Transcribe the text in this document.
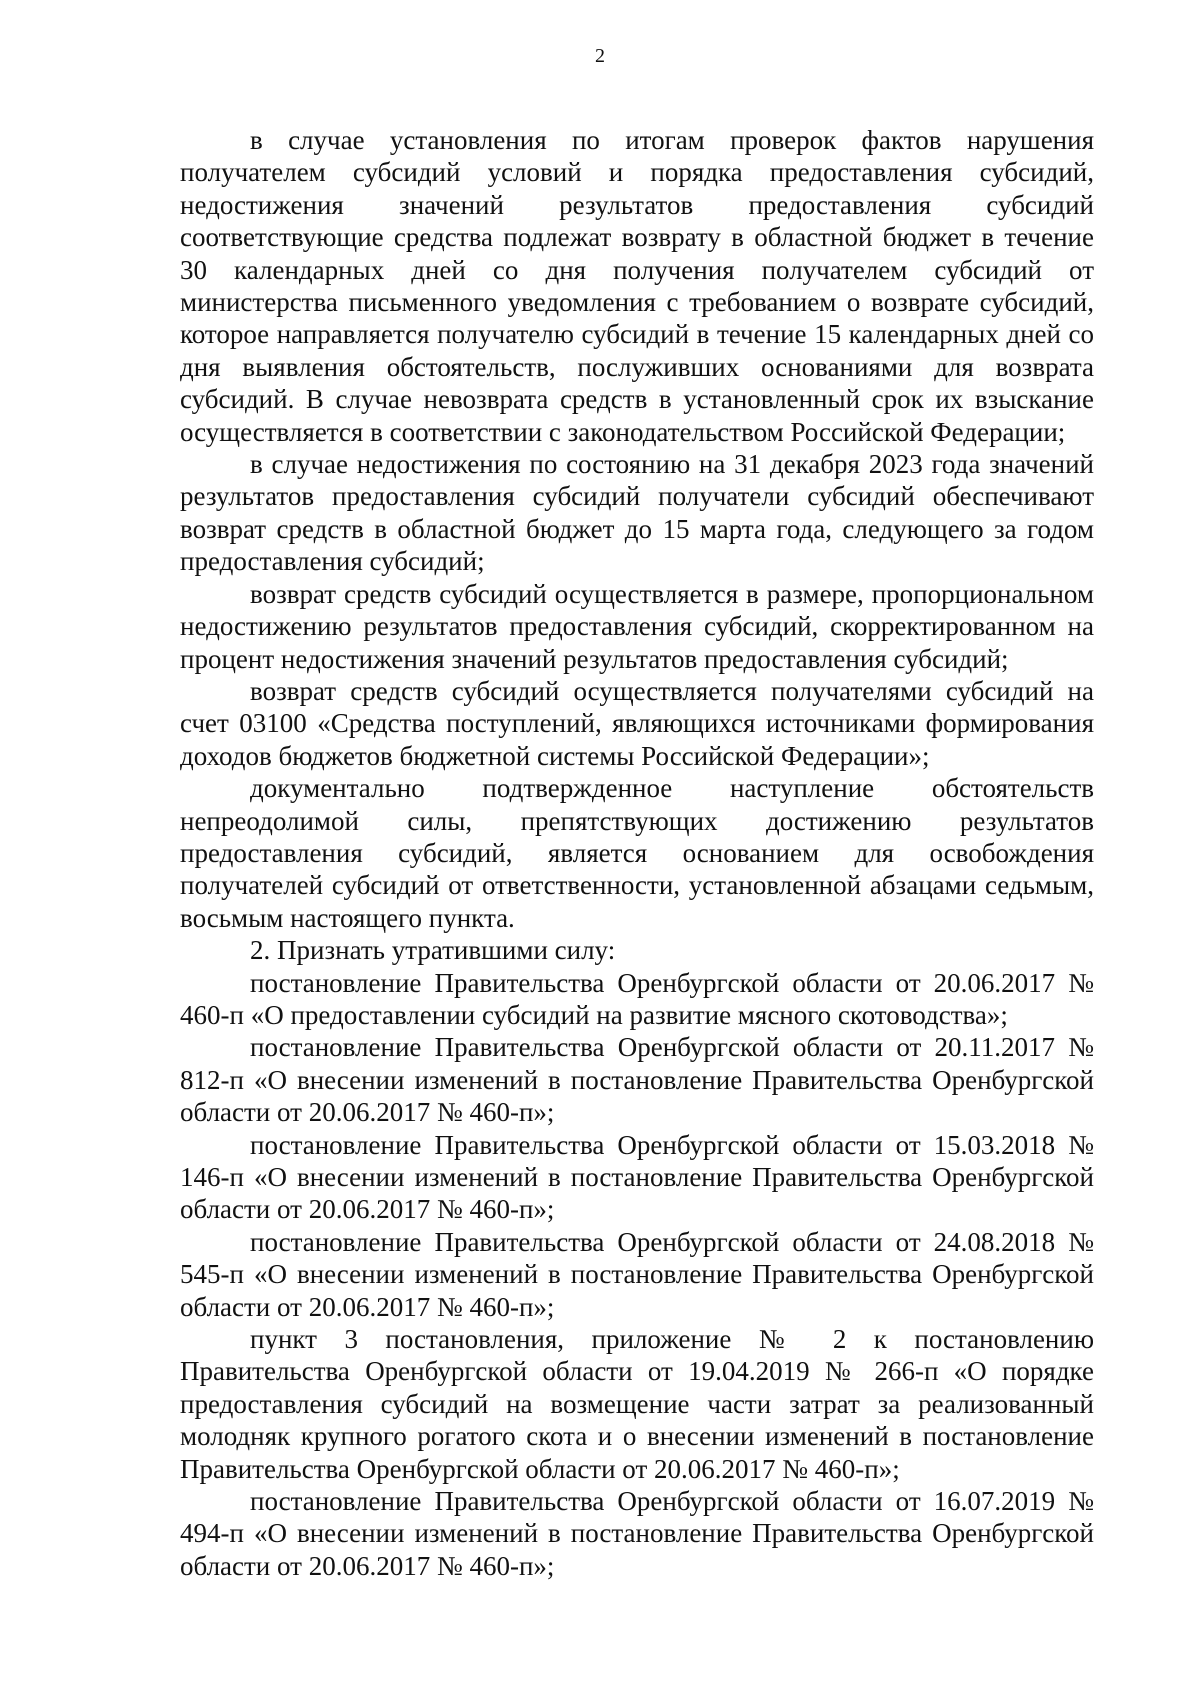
2

в случае установления по итогам проверок фактов нарушения получателем субсидий условий и порядка предоставления субсидий, недостижения значений результатов предоставления субсидий соответствующие средства подлежат возврату в областной бюджет в течение 30 календарных дней со дня получения получателем субсидий от министерства письменного уведомления с требованием о возврате субсидий, которое направляется получателю субсидий в течение 15 календарных дней со дня выявления обстоятельств, послуживших основаниями для возврата субсидий. В случае невозврата средств в установленный срок их взыскание осуществляется в соответствии с законодательством Российской Федерации;

в случае недостижения по состоянию на 31 декабря 2023 года значений результатов предоставления субсидий получатели субсидий обеспечивают возврат средств в областной бюджет до 15 марта года, следующего за годом предоставления субсидий;

возврат средств субсидий осуществляется в размере, пропорциональном недостижению результатов предоставления субсидий, скорректированном на процент недостижения значений результатов предоставления субсидий;

возврат средств субсидий осуществляется получателями субсидий на счет 03100 «Средства поступлений, являющихся источниками формирования доходов бюджетов бюджетной системы Российской Федерации»;

документально подтвержденное наступление обстоятельств непреодолимой силы, препятствующих достижению результатов предоставления субсидий, является основанием для освобождения получателей субсидий от ответственности, установленной абзацами седьмым, восьмым настоящего пункта.

2. Признать утратившими силу:

постановление Правительства Оренбургской области от 20.06.2017 № 460-п «О предоставлении субсидий на развитие мясного скотоводства»;

постановление Правительства Оренбургской области от 20.11.2017 № 812-п «О внесении изменений в постановление Правительства Оренбургской области от 20.06.2017 № 460-п»;

постановление Правительства Оренбургской области от 15.03.2018 № 146-п «О внесении изменений в постановление Правительства Оренбургской области от 20.06.2017 № 460-п»;

постановление Правительства Оренбургской области от 24.08.2018 № 545-п «О внесении изменений в постановление Правительства Оренбургской области от 20.06.2017 № 460-п»;

пункт 3 постановления, приложение № 2 к постановлению Правительства Оренбургской области от 19.04.2019 № 266-п «О порядке предоставления субсидий на возмещение части затрат за реализованный молодняк крупного рогатого скота и о внесении изменений в постановление Правительства Оренбургской области от 20.06.2017 № 460-п»;

постановление Правительства Оренбургской области от 16.07.2019 № 494-п «О внесении изменений в постановление Правительства Оренбургской области от 20.06.2017 № 460-п»;
